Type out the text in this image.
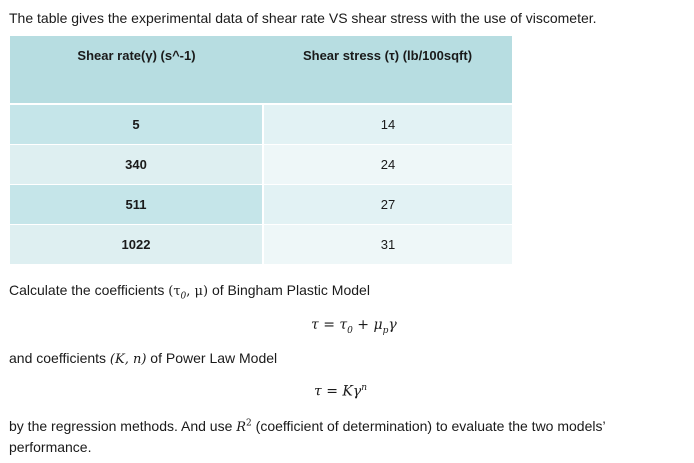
The table gives the experimental data of shear rate VS shear stress with the use of viscometer.
Shear rate(γ) (s^-1)	Shear stress (τ) (lb/100sqft)
5	14
340	24
511	27
1022	31
Calculate the coefficients ($\tau_0$, μ) of Bingham Plastic Model
$\tau = \tau_0 + \mu_p\gamma$
and coefficients (K, n) of Power Law Model
$\tau = K\gamma^n$
by the regression methods. And use $R^2$ (coefficient of determination) to evaluate the two models’
performance.
